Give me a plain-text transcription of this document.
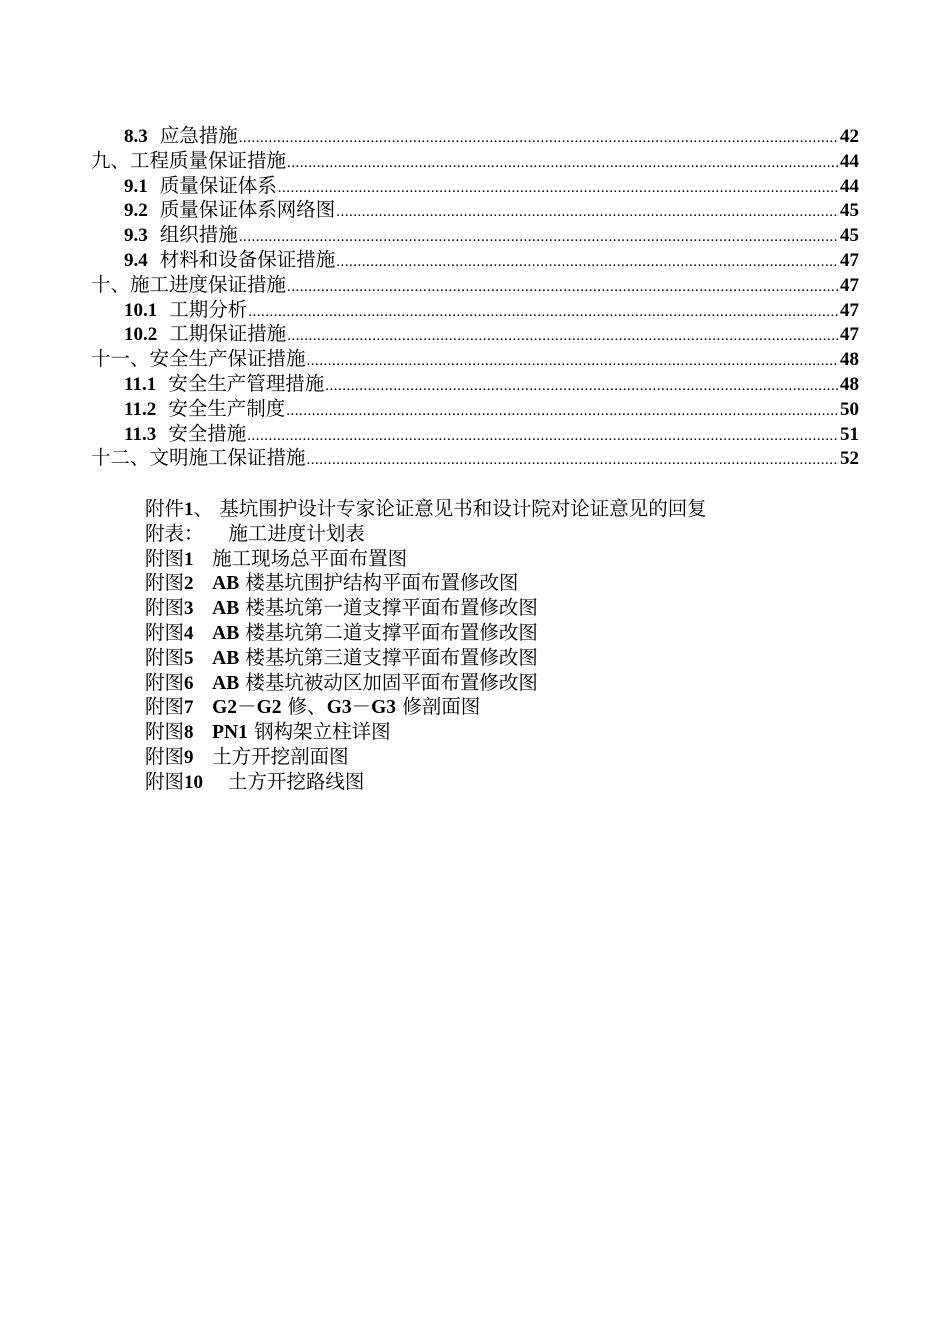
8.3 应急措施 .....	42
九、工程质量保证措施 .....	44
9.1 质量保证体系 .....	44
9.2 质量保证体系网络图 .....	45
9.3 组织措施 .....	45
9.4 材料和设备保证措施 .....	47
十、施工进度保证措施 .....	47
10.1 工期分析 .....	47
10.2 工期保证措施 .....	47
十一、安全生产保证措施 .....	48
11.1 安全生产管理措施 .....	48
11.2 安全生产制度 .....	50
11.3 安全措施 .....	51
十二、文明施工保证措施 .....	52
附件1、 基坑围护设计专家论证意见书和设计院对论证意见的回复
附表： 施工进度计划表
附图1 施工现场总平面布置图
附图2 AB 楼基坑围护结构平面布置修改图
附图3 AB 楼基坑第一道支撑平面布置修改图
附图4 AB 楼基坑第二道支撑平面布置修改图
附图5 AB 楼基坑第三道支撑平面布置修改图
附图6 AB 楼基坑被动区加固平面布置修改图
附图7 G2－G2 修、G3－G3 修剖面图
附图8 PN1 钢构架立柱详图
附图9 土方开挖剖面图
附图10 土方开挖路线图
